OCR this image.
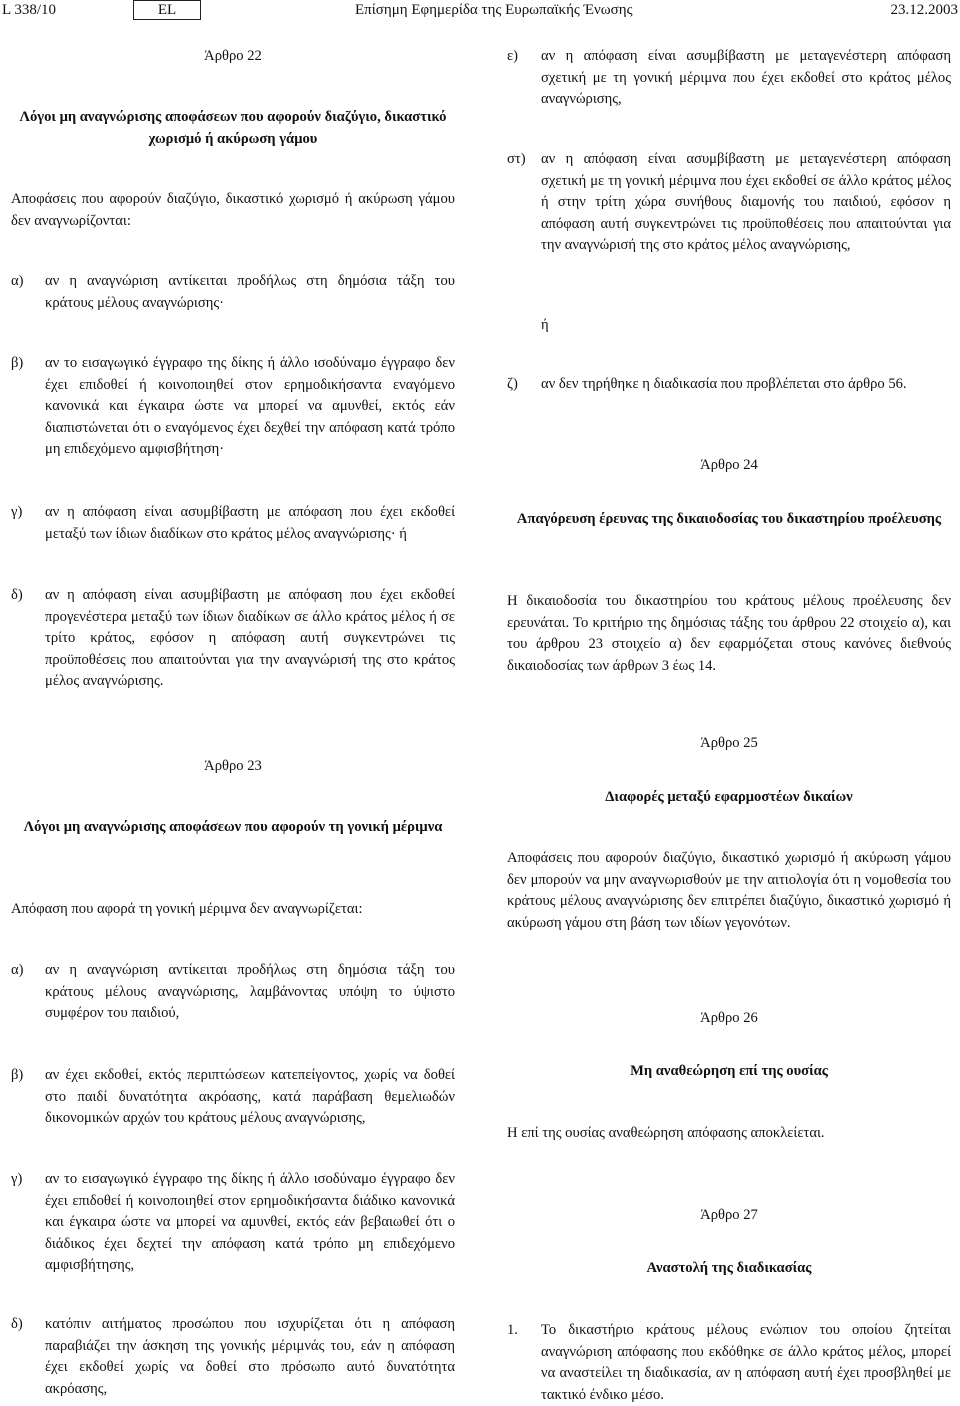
L 338/10	EL	Επίσημη Εφημερίδα της Ευρωπαϊκής Ένωσης	23.12.2003
Άρθρο 22
Λόγοι μη αναγνώρισης αποφάσεων που αφορούν διαζύγιο, δικαστικό χωρισμό ή ακύρωση γάμου
Αποφάσεις που αφορούν διαζύγιο, δικαστικό χωρισμό ή ακύρωση γάμου δεν αναγνωρίζονται:
α)	αν η αναγνώριση αντίκειται προδήλως στη δημόσια τάξη του κράτους μέλους αναγνώρισης·
β)	αν το εισαγωγικό έγγραφο της δίκης ή άλλο ισοδύναμο έγγραφο δεν έχει επιδοθεί ή κοινοποιηθεί στον ερημοδικήσαντα εναγόμενο κανονικά και έγκαιρα ώστε να μπορεί να αμυνθεί, εκτός εάν διαπιστώνεται ότι ο εναγόμενος έχει δεχθεί την απόφαση κατά τρόπο μη επιδεχόμενο αμφισβήτηση·
γ)	αν η απόφαση είναι ασυμβίβαστη με απόφαση που έχει εκδοθεί μεταξύ των ίδιων διαδίκων στο κράτος μέλος αναγνώρισης· ή
δ)	αν η απόφαση είναι ασυμβίβαστη με απόφαση που έχει εκδοθεί προγενέστερα μεταξύ των ίδιων διαδίκων σε άλλο κράτος μέλος ή σε τρίτο κράτος, εφόσον η απόφαση αυτή συγκεντρώνει τις προϋποθέσεις που απαιτούνται για την αναγνώρισή της στο κράτος μέλος αναγνώρισης.
Άρθρο 23
Λόγοι μη αναγνώρισης αποφάσεων που αφορούν τη γονική μέριμνα
Απόφαση που αφορά τη γονική μέριμνα δεν αναγνωρίζεται:
α)	αν η αναγνώριση αντίκειται προδήλως στη δημόσια τάξη του κράτους μέλους αναγνώρισης, λαμβάνοντας υπόψη το ύψιστο συμφέρον του παιδιού,
β)	αν έχει εκδοθεί, εκτός περιπτώσεων κατεπείγοντος, χωρίς να δοθεί στο παιδί δυνατότητα ακρόασης, κατά παράβαση θεμελιωδών δικονομικών αρχών του κράτους μέλους αναγνώρισης,
γ)	αν το εισαγωγικό έγγραφο της δίκης ή άλλο ισοδύναμο έγγραφο δεν έχει επιδοθεί ή κοινοποιηθεί στον ερημοδικήσαντα διάδικο κανονικά και έγκαιρα ώστε να μπορεί να αμυνθεί, εκτός εάν βεβαιωθεί ότι ο διάδικος έχει δεχτεί την απόφαση κατά τρόπο μη επιδεχόμενο αμφισβήτησης,
δ)	κατόπιν αιτήματος προσώπου που ισχυρίζεται ότι η απόφαση παραβιάζει την άσκηση της γονικής μέριμνάς του, εάν η απόφαση έχει εκδοθεί χωρίς να δοθεί στο πρόσωπο αυτό δυνατότητα ακρόασης,
ε)	αν η απόφαση είναι ασυμβίβαστη με μεταγενέστερη απόφαση σχετική με τη γονική μέριμνα που έχει εκδοθεί στο κράτος μέλος αναγνώρισης,
στ)	αν η απόφαση είναι ασυμβίβαστη με μεταγενέστερη απόφαση σχετική με τη γονική μέριμνα που έχει εκδοθεί σε άλλο κράτος μέλος ή στην τρίτη χώρα συνήθους διαμονής του παιδιού, εφόσον η απόφαση αυτή συγκεντρώνει τις προϋποθέσεις που απαιτούνται για την αναγνώρισή της στο κράτος μέλος αναγνώρισης,
ή
ζ)	αν δεν τηρήθηκε η διαδικασία που προβλέπεται στο άρθρο 56.
Άρθρο 24
Απαγόρευση έρευνας της δικαιοδοσίας του δικαστηρίου προέλευσης
Η δικαιοδοσία του δικαστηρίου του κράτους μέλους προέλευσης δεν ερευνάται. Το κριτήριο της δημόσιας τάξης του άρθρου 22 στοιχείο α), και του άρθρου 23 στοιχείο α) δεν εφαρμόζεται στους κανόνες διεθνούς δικαιοδοσίας των άρθρων 3 έως 14.
Άρθρο 25
Διαφορές μεταξύ εφαρμοστέων δικαίων
Αποφάσεις που αφορούν διαζύγιο, δικαστικό χωρισμό ή ακύρωση γάμου δεν μπορούν να μην αναγνωρισθούν με την αιτιολογία ότι η νομοθεσία του κράτους μέλους αναγνώρισης δεν επιτρέπει διαζύγιο, δικαστικό χωρισμό ή ακύρωση γάμου στη βάση των ιδίων γεγονότων.
Άρθρο 26
Μη αναθεώρηση επί της ουσίας
Η επί της ουσίας αναθεώρηση απόφασης αποκλείεται.
Άρθρο 27
Αναστολή της διαδικασίας
1.	Το δικαστήριο κράτους μέλους ενώπιον του οποίου ζητείται αναγνώριση απόφασης που εκδόθηκε σε άλλο κράτος μέλος, μπορεί να αναστείλει τη διαδικασία, αν η απόφαση αυτή έχει προσβληθεί με τακτικό ένδικο μέσο.
